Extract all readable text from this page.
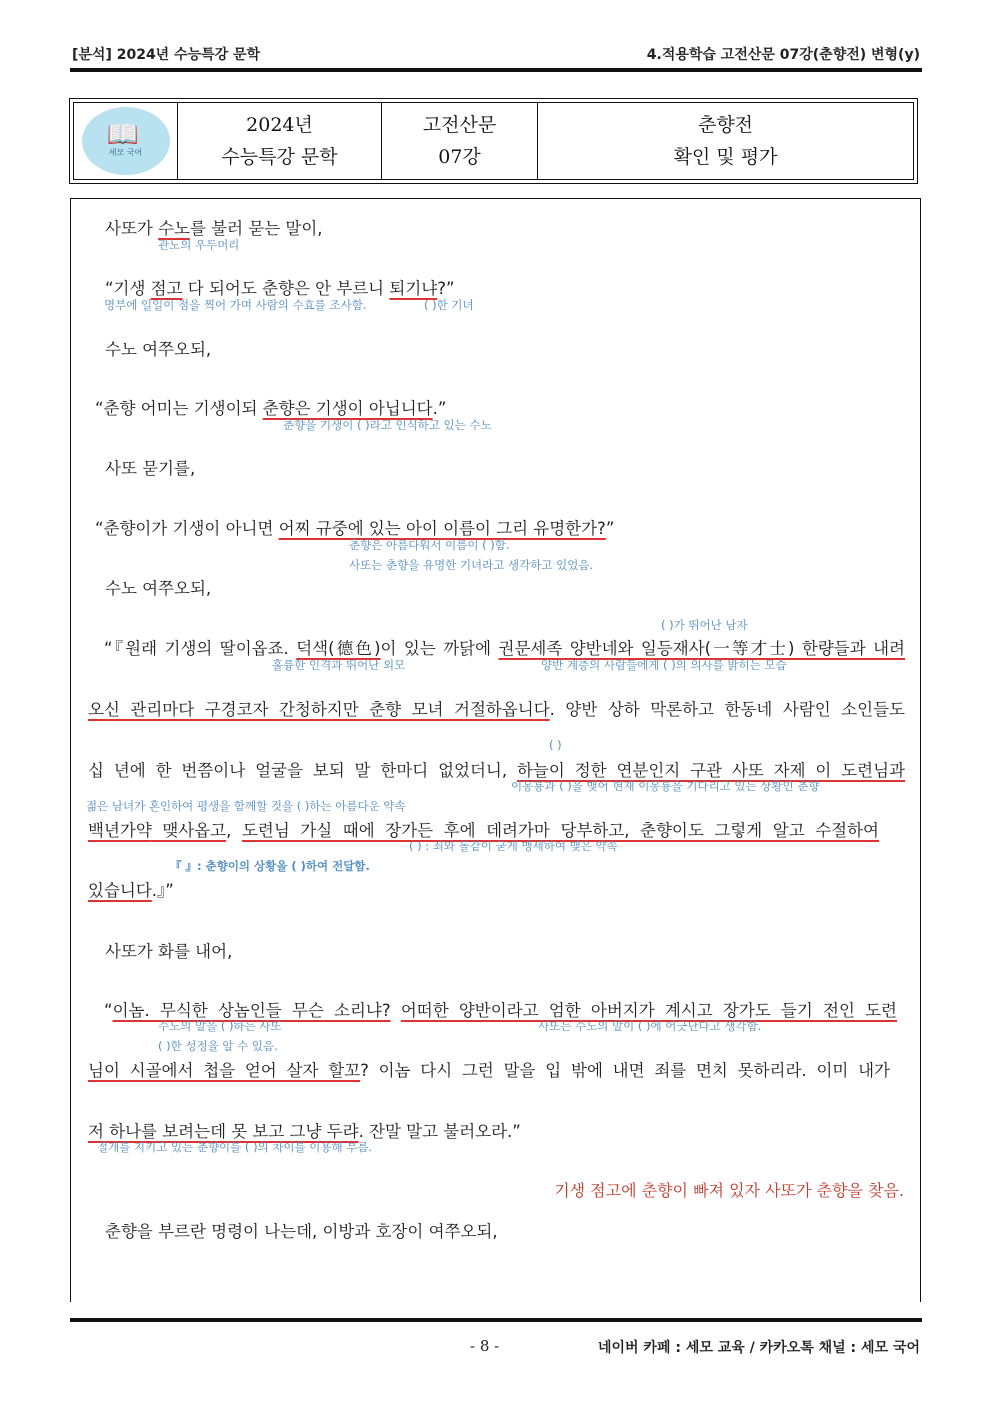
[분석] 2024년 수능특강 문학	4.적용학습 고전산문 07강(춘향전) 변형(y)
📖
세모 국어
2024년
수능특강 문학
고전산문
07강
춘향전
확인 및 평가
사또가 수노를 불러 묻는 말이,
관노의 우두머리
“기생 점고 다 되어도 춘향은 안 부르니 퇴기냐?”
명부에 일일이 점을 찍어 가며 사람의 수효를 조사함.	( )한 기녀
수노 여쭈오되,
“춘향 어미는 기생이되 춘향은 기생이 아닙니다.”
춘향을 기생이 ( )라고 인식하고 있는 수노
사또 묻기를,
“춘향이가 기생이 아니면 어찌 규중에 있는 아이 이름이 그리 유명한가?”
춘향은 아름다워서 이름이 ( )함.
사또는 춘향을 유명한 기녀라고 생각하고 있었음.
수노 여쭈오되,
( )가 뛰어난 남자
“『원래 기생의 딸이옵죠. 덕색(德色)이 있는 까닭에 권문세족 양반네와 일등재사(一等才士) 한량들과 내려
훌륭한 인격과 뛰어난 외모	양반 계층의 사람들에게 ( )의 의사를 밝히는 모습
오신 관리마다 구경코자 간청하지만 춘향 모녀 거절하옵니다. 양반 상하 막론하고 한동네 사람인 소인들도
( )
십 년에 한 번쯤이나 얼굴을 보되 말 한마디 없었더니, 하늘이 정한 연분인지 구관 사또 자제 이 도련님과
이몽룡과 ( )을 맺어 현재 이몽룡을 기다리고 있는 상황인 춘향
젊은 남녀가 혼인하여 평생을 함께할 것을 ( )하는 아름다운 약속
백년가약 맺사옵고, 도련님 가실 때에 장가든 후에 데려가마 당부하고, 춘향이도 그렇게 알고 수절하여
( ) : 쇠와 돌같이 굳게 맹세하여 맺은 약속
『 』: 춘향이의 상황을 ( )하여 전달함.
있습니다.』”
사또가 화를 내어,
“이놈. 무식한 상놈인들 무슨 소리냐? 어떠한 양반이라고 엄한 아버지가 계시고 장가도 들기 전인 도련
수노의 말을 ( )하는 사또	사또는 수노의 말이 ( )에 어긋난다고 생각함.
( )한 성정을 알 수 있음.
님이 시골에서 첩을 얻어 살자 할꼬? 이놈 다시 그런 말을 입 밖에 내면 죄를 면치 못하리라. 이미 내가
저 하나를 보려는데 못 보고 그냥 두랴. 잔말 말고 불러오라.”
절개를 지키고 있는 춘향이를 ( )의 차이를 이용해 부름.
기생 점고에 춘향이 빠져 있자 사또가 춘향을 찾음.
춘향을 부르란 명령이 나는데, 이방과 호장이 여쭈오되,
- 8 -	네이버 카페 : 세모 교육 / 카카오톡 채널 : 세모 국어
